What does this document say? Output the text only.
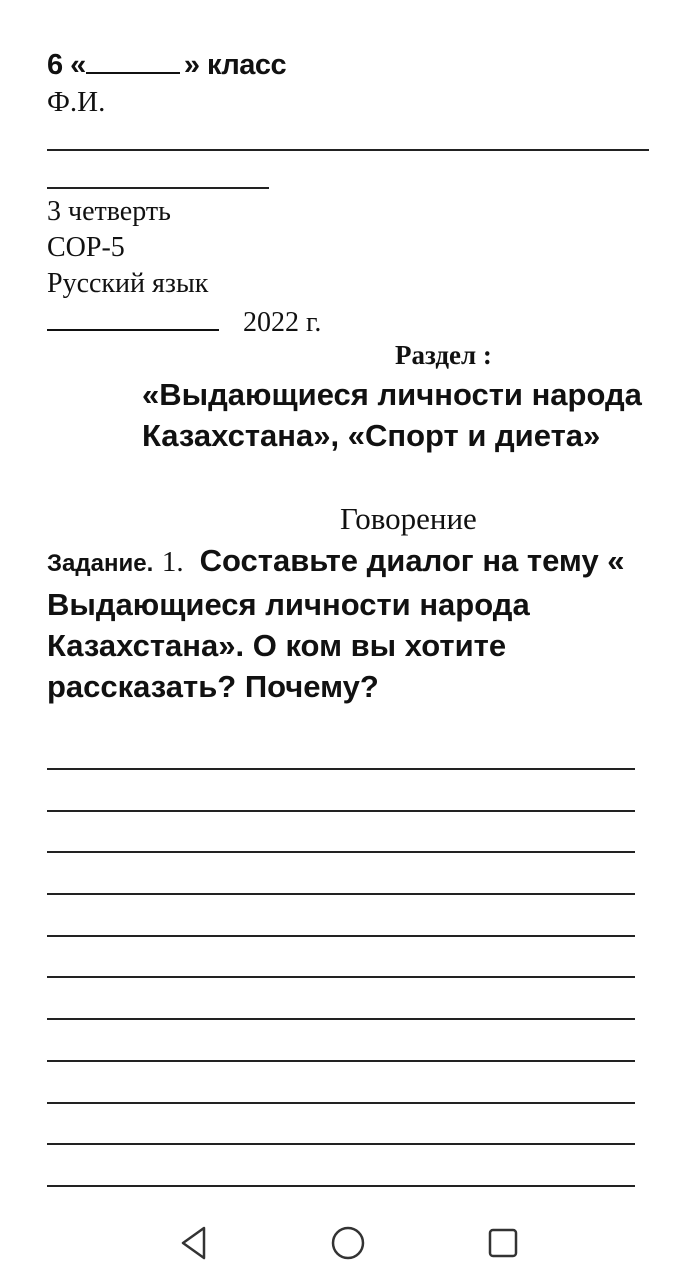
6 «	» класс
Ф.И.
3 четверть
СОР-5
Русский язык
2022 г.
Раздел :
«Выдающиеся личности народа Казахстана», «Спорт и диета»
Говорение
Задание. 1. Составьте диалог на тему « Выдающиеся личности народа Казахстана». О ком вы хотите рассказать? Почему?
